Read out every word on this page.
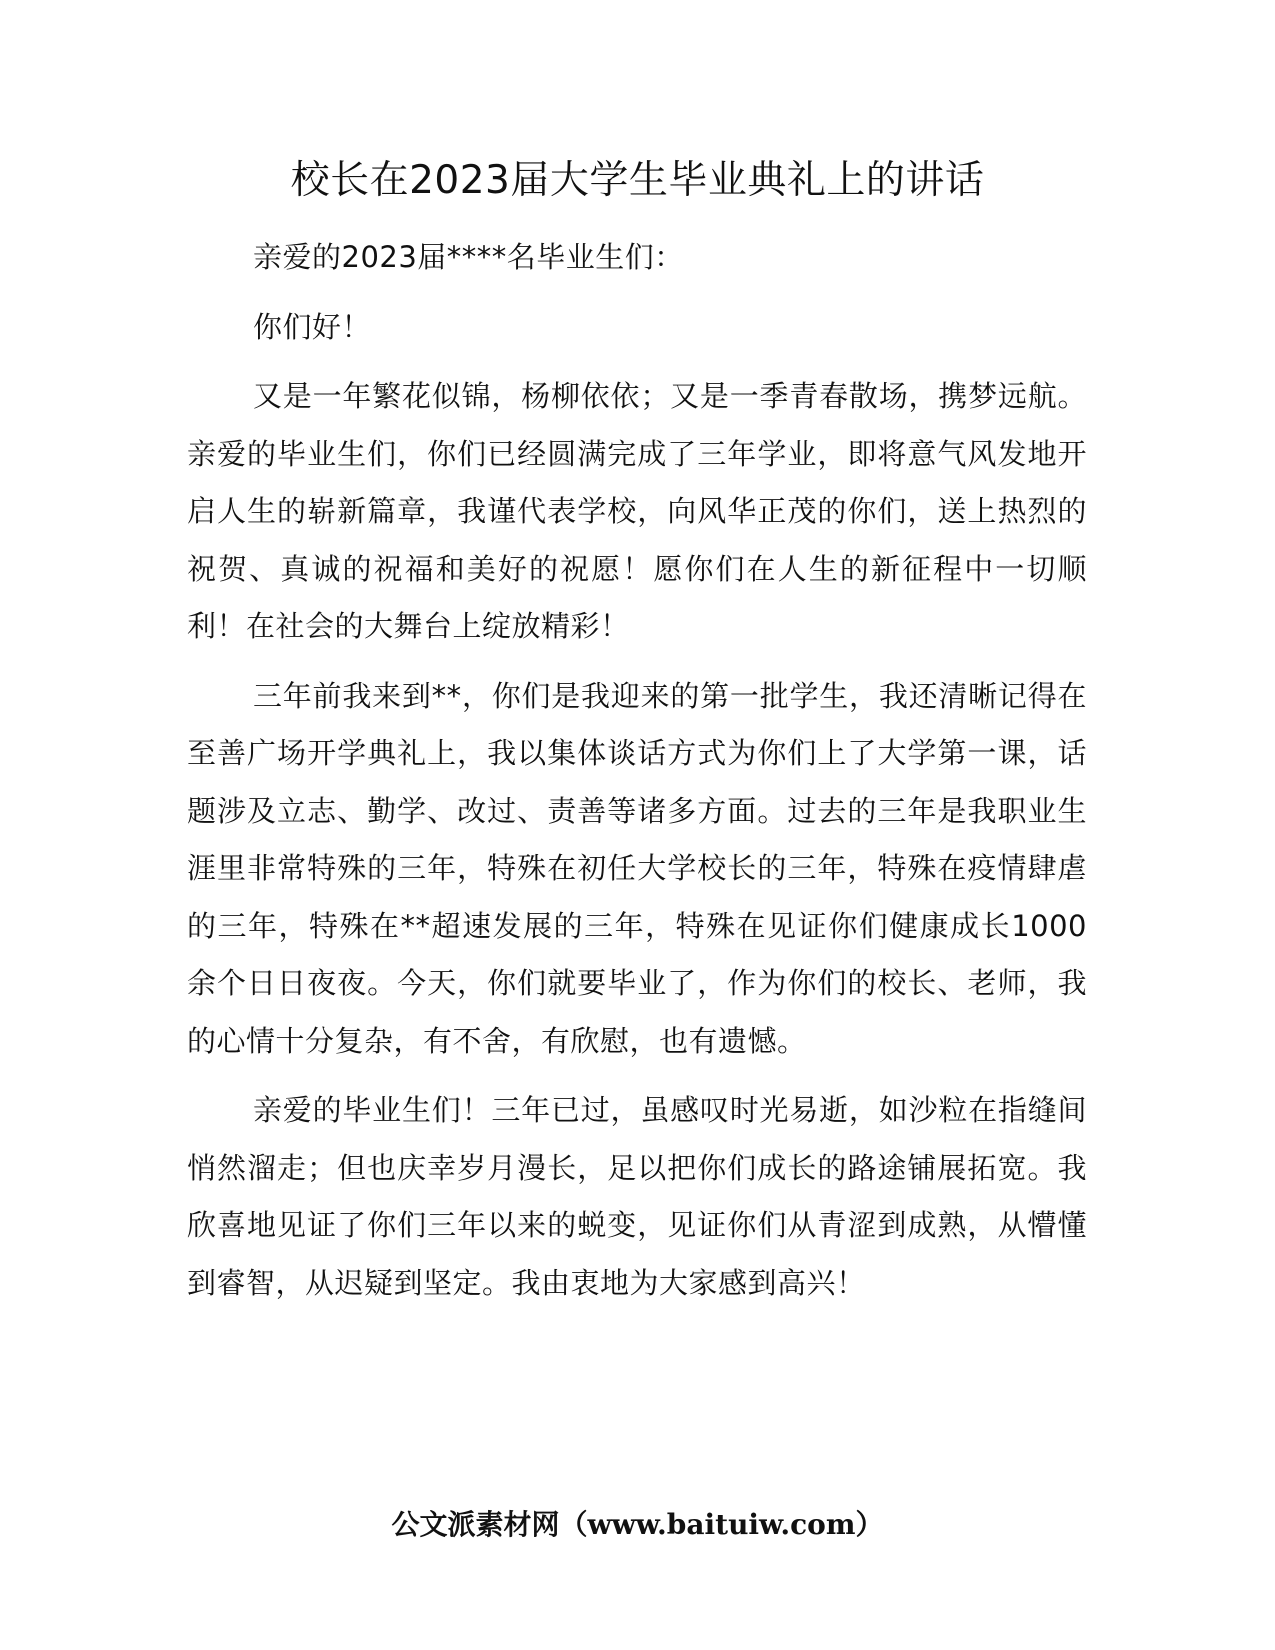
校长在2023届大学生毕业典礼上的讲话

亲爱的2023届****名毕业生们：

你们好！

又是一年繁花似锦，杨柳依依；又是一季青春散场，携梦远航。亲爱的毕业生们，你们已经圆满完成了三年学业，即将意气风发地开启人生的崭新篇章，我谨代表学校，向风华正茂的你们，送上热烈的祝贺、真诚的祝福和美好的祝愿！愿你们在人生的新征程中一切顺利！在社会的大舞台上绽放精彩！

三年前我来到**，你们是我迎来的第一批学生，我还清晰记得在至善广场开学典礼上，我以集体谈话方式为你们上了大学第一课，话题涉及立志、勤学、改过、责善等诸多方面。过去的三年是我职业生涯里非常特殊的三年，特殊在初任大学校长的三年，特殊在疫情肆虐的三年，特殊在**超速发展的三年，特殊在见证你们健康成长1000余个日日夜夜。今天，你们就要毕业了，作为你们的校长、老师，我的心情十分复杂，有不舍，有欣慰，也有遗憾。

亲爱的毕业生们！三年已过，虽感叹时光易逝，如沙粒在指缝间悄然溜走；但也庆幸岁月漫长，足以把你们成长的路途铺展拓宽。我欣喜地见证了你们三年以来的蜕变，见证你们从青涩到成熟，从懵懂到睿智，从迟疑到坚定。我由衷地为大家感到高兴！

公文派素材网（www.baituiw.com）
